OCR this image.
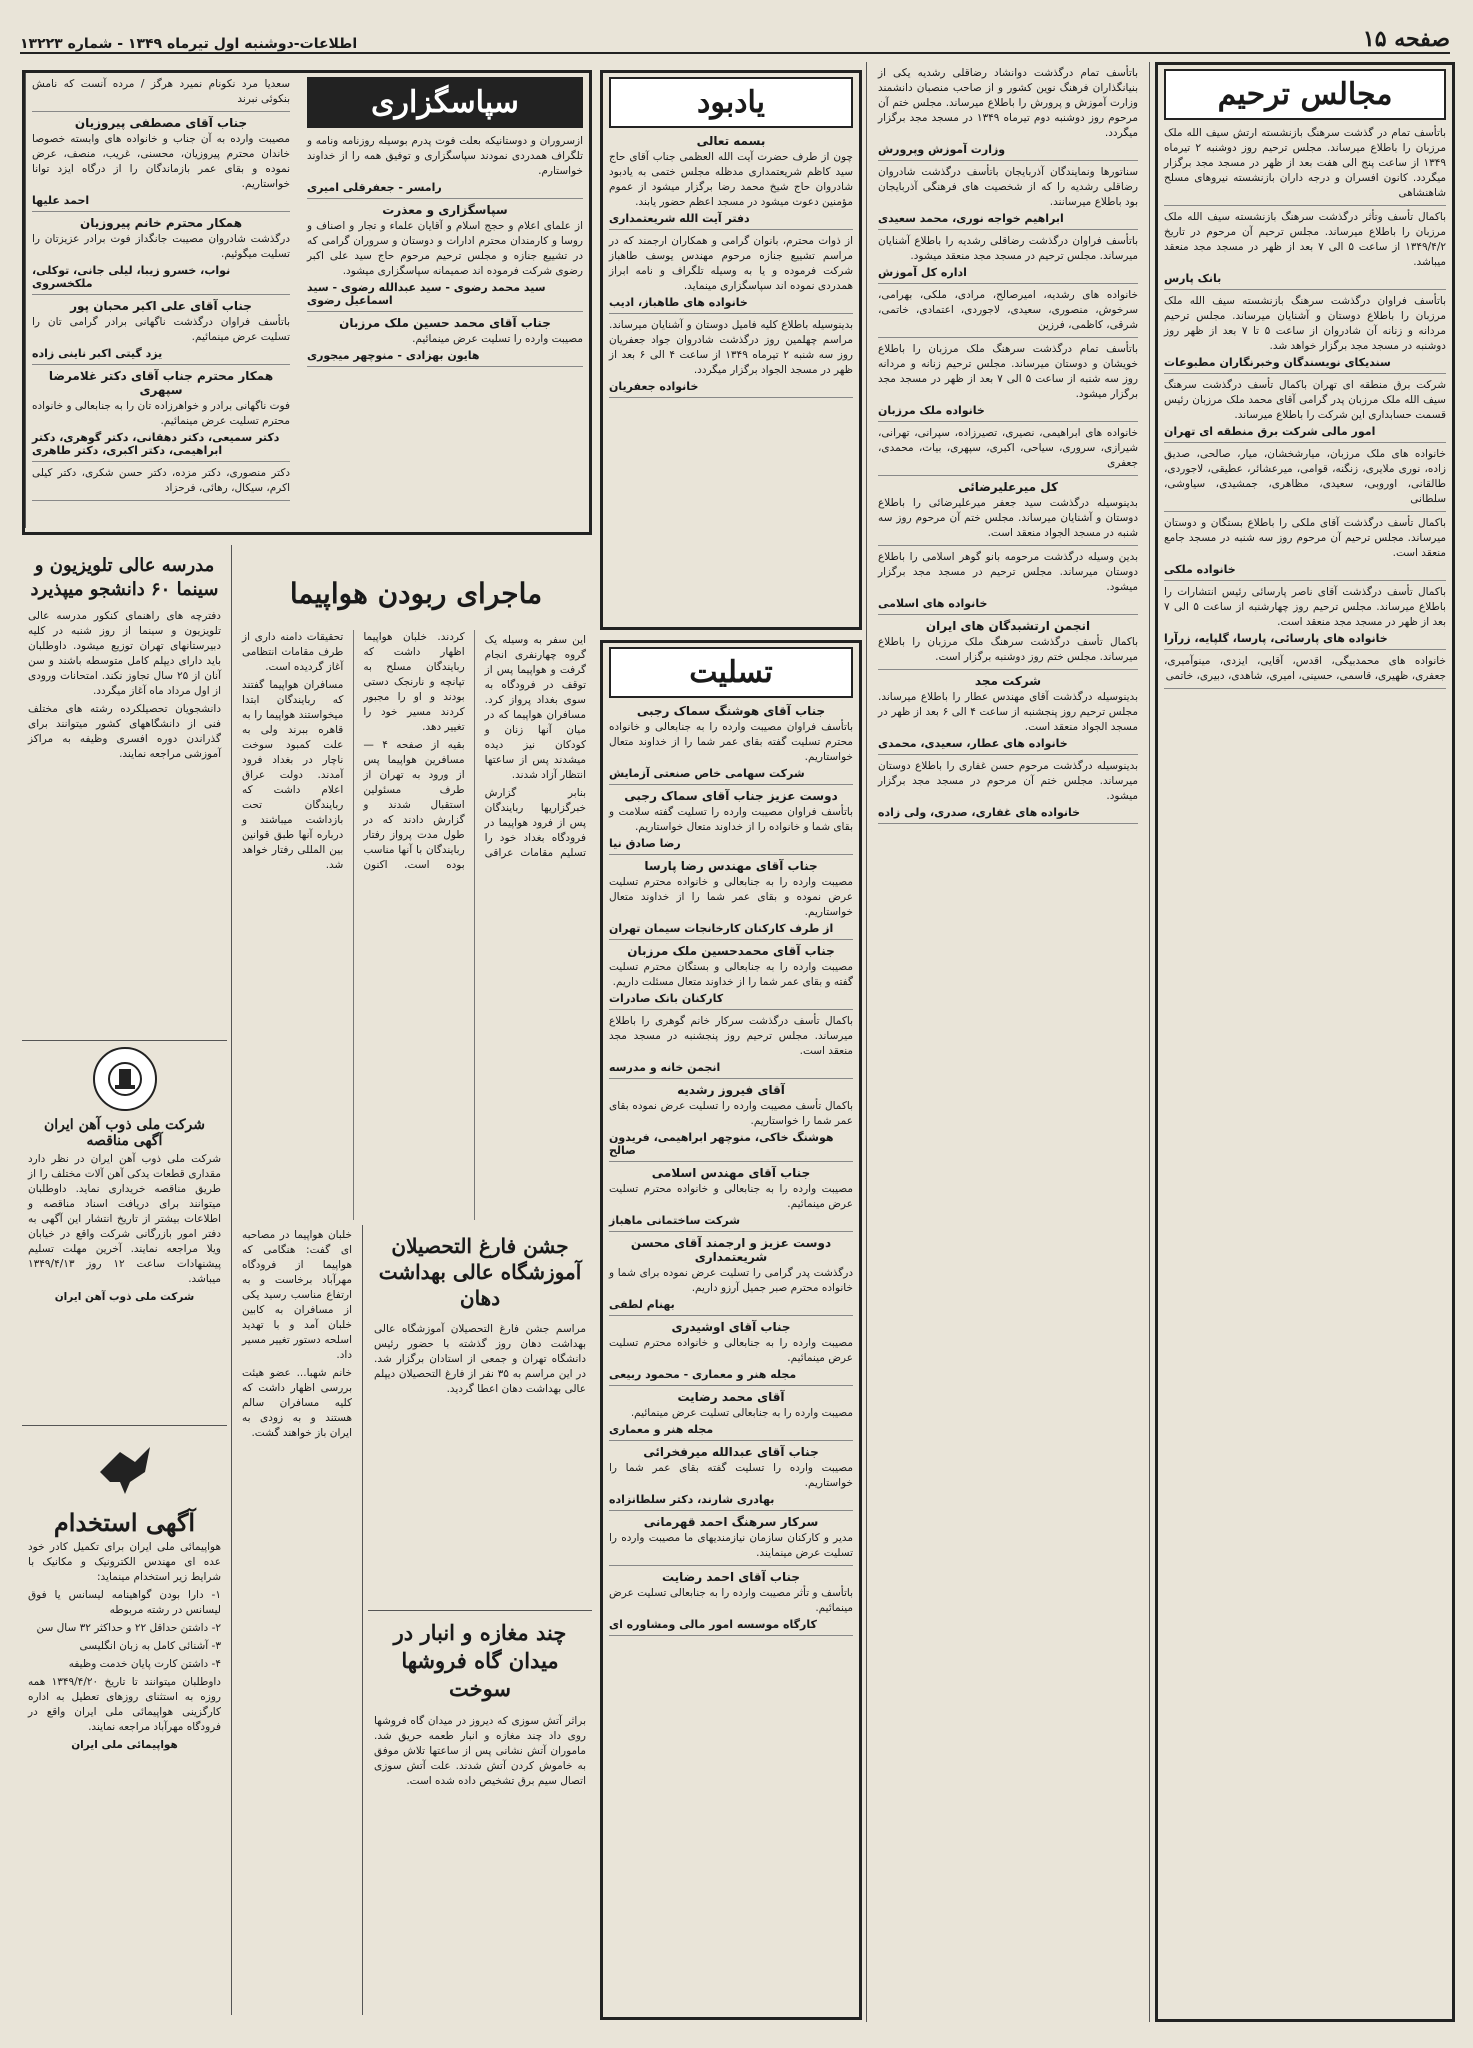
صفحه ۱۵
اطلاعات-دوشنبه اول تیرماه ۱۳۴۹ - شماره ۱۳۲۲۳
مجالس ترحیم
باتأسف تمام در گذشت سرهنگ بازنشسته ارتش سیف الله ملک مرزبان را باطلاع میرساند. مجلس ترحیم روز دوشنبه ۲ تیرماه ۱۳۴۹ از ساعت پنج الی هفت بعد از ظهر در مسجد مجد برگزار میگردد. کانون افسران و درجه داران بازنشسته نیروهای مسلح شاهنشاهی
باکمال تأسف وتأثر درگذشت سرهنگ بازنشسته سیف الله ملک مرزبان را باطلاع میرساند. مجلس ترحیم آن مرحوم در تاریخ ۱۳۴۹/۴/۲ از ساعت ۵ الی ۷ بعد از ظهر در مسجد مجد منعقد میباشد.
بانک پارس
باتأسف فراوان درگذشت سرهنگ بازنشسته سیف الله ملک مرزبان را باطلاع دوستان و آشنایان میرساند. مجلس ترحیم مردانه و زنانه آن شادروان از ساعت ۵ تا ۷ بعد از ظهر روز دوشنبه در مسجد مجد برگزار خواهد شد.
سندیکای نویسندگان وخبرنگاران مطبوعات
شرکت برق منطقه ای تهران باکمال تأسف درگذشت سرهنگ سیف الله ملک مرزبان پدر گرامی آقای محمد ملک مرزبان رئیس قسمت حسابداری این شرکت را باطلاع میرساند.
امور مالی شرکت برق منطقه ای تهران
خانواده های ملک مرزبان، میارشخشان، میار، صالحی، صدیق زاده، نوری ملایری، زنگنه، قوامی، میرعشائر، عطیقی، لاجوردی، طالقانی، اوروبی، سعیدی، مظاهری، جمشیدی، سیاوشی، سلطانی
باکمال تأسف درگذشت آقای ملکی را باطلاع بستگان و دوستان میرساند. مجلس ترحیم آن مرحوم روز سه شنبه در مسجد جامع منعقد است.
خانواده ملکی
باکمال تأسف درگذشت آقای ناصر پارسائی رئیس انتشارات را باطلاع میرساند. مجلس ترحیم روز چهارشنبه از ساعت ۵ الی ۷ بعد از ظهر در مسجد مجد منعقد است.
خانواده های پارسائی، پارسا، گلپایه، زرآرا
خانواده های محمدبیگی، اقدس، آقایی، ایزدی، مینوآمیری، جعفری، ظهیری، قاسمی، حسینی، امیری، شاهدی، دبیری، خاتمی
باتأسف تمام درگذشت دوانشاد رضاقلی رشدیه یکی از بنیانگذاران فرهنگ نوین کشور و از صاحب منصبان دانشمند وزارت آموزش و پرورش را باطلاع میرساند. مجلس ختم آن مرحوم روز دوشنبه دوم تیرماه ۱۳۴۹ در مسجد مجد برگزار میگردد.
وزارت آموزش وپرورش
سناتورها ونمایندگان آذربایجان باتأسف درگذشت شادروان رضاقلی رشدیه را که از شخصیت های فرهنگی آذربایجان بود باطلاع میرسانند.
ابراهیم خواجه نوری، محمد سعیدی
باتأسف فراوان درگذشت رضاقلی رشدیه را باطلاع آشنایان میرساند. مجلس ترحیم در مسجد مجد منعقد میشود.
اداره کل آموزش
خانواده های رشدیه، امیرصالح، مرادی، ملکی، بهرامی، سرخوش، منصوری، سعیدی، لاجوردی، اعتمادی، خاتمی، شرقی، کاظمی، فرزین
باتأسف تمام درگذشت سرهنگ ملک مرزبان را باطلاع خویشان و دوستان میرساند. مجلس ترحیم زنانه و مردانه روز سه شنبه از ساعت ۵ الی ۷ بعد از ظهر در مسجد مجد برگزار میشود.
خانواده ملک مرزبان
خانواده های ابراهیمی، نصیری، تصیرزاده، سپرانی، تهرانی، شیرازی، سروری، سیاحی، اکبری، سپهری، بیات، محمدی، جعفری
کل میرعلیرضائی
بدینوسیله درگذشت سید جعفر میرعلیرضائی را باطلاع دوستان و آشنایان میرساند. مجلس ختم آن مرحوم روز سه شنبه در مسجد الجواد منعقد است.
بدین وسیله درگذشت مرحومه بانو گوهر اسلامی را باطلاع دوستان میرساند. مجلس ترحیم در مسجد مجد برگزار میشود.
خانواده های اسلامی
انجمن ارتشبدگان های ایران
باکمال تأسف درگذشت سرهنگ ملک مرزبان را باطلاع میرساند. مجلس ختم روز دوشنبه برگزار است.
شرکت مجد
بدینوسیله درگذشت آقای مهندس عطار را باطلاع میرساند. مجلس ترحیم روز پنجشنبه از ساعت ۴ الی ۶ بعد از ظهر در مسجد الجواد منعقد است.
خانواده های عطار، سعیدی، محمدی
بدینوسیله درگذشت مرحوم حسن غفاری را باطلاع دوستان میرساند. مجلس ختم آن مرحوم در مسجد مجد برگزار میشود.
خانواده های غفاری، صدری، ولی زاده
یادبود
بسمه تعالی
چون از طرف حضرت آیت الله العظمی جناب آقای حاج سید کاظم شریعتمداری مدظله مجلس ختمی به یادبود شادروان حاج شیخ محمد رضا برگزار میشود از عموم مؤمنین دعوت میشود در مسجد اعظم حضور یابند.
دفتر آیت الله شریعتمداری
از ذوات محترم، بانوان گرامی و همکاران ارجمند که در مراسم تشییع جنازه مرحوم مهندس یوسف طاهباز شرکت فرموده و یا به وسیله تلگراف و نامه ابراز همدردی نموده اند سپاسگزاری مینماید.
خانواده های طاهباز، ادیب
بدینوسیله باطلاع کلیه فامیل دوستان و آشنایان میرساند. مراسم چهلمین روز درگذشت شادروان جواد جعفریان روز سه شنبه ۲ تیرماه ۱۳۴۹ از ساعت ۴ الی ۶ بعد از ظهر در مسجد الجواد برگزار میگردد.
خانواده جعفریان
تسلیت
جناب آقای هوشنگ سماک رجبی
باتأسف فراوان مصیبت وارده را به جنابعالی و خانواده محترم تسلیت گفته بقای عمر شما را از خداوند متعال خواستاریم.
شرکت سهامی خاص صنعتی آزمایش
دوست عزیز جناب آقای سماک رجبی
باتأسف فراوان مصیبت وارده را تسلیت گفته سلامت و بقای شما و خانواده را از خداوند متعال خواستاریم.
رضا صادق نیا
جناب آقای مهندس رضا پارسا
مصیبت وارده را به جنابعالی و خانواده محترم تسلیت عرض نموده و بقای عمر شما را از خداوند متعال خواستاریم.
از طرف کارکنان کارخانجات سیمان تهران
جناب آقای محمدحسین ملک مرزبان
مصیبت وارده را به جنابعالی و بستگان محترم تسلیت گفته و بقای عمر شما را از خداوند متعال مسئلت داریم.
کارکنان بانک صادرات
باکمال تأسف درگذشت سرکار خانم گوهری را باطلاع میرساند. مجلس ترحیم روز پنجشنبه در مسجد مجد منعقد است.
انجمن خانه و مدرسه
آقای فیروز رشدیه
باکمال تأسف مصیبت وارده را تسلیت عرض نموده بقای عمر شما را خواستاریم.
هوشنگ خاکی، منوچهر ابراهیمی، فریدون صالح
جناب آقای مهندس اسلامی
مصیبت وارده را به جنابعالی و خانواده محترم تسلیت عرض مینمائیم.
شرکت ساختمانی ماهباز
دوست عزیز و ارجمند آقای محسن شریعتمداری
درگذشت پدر گرامی را تسلیت عرض نموده برای شما و خانواده محترم صبر جمیل آرزو داریم.
بهنام لطفی
جناب آقای اوشیدری
مصیبت وارده را به جنابعالی و خانواده محترم تسلیت عرض مینمائیم.
مجله هنر و معماری - محمود ربیعی
آقای محمد رضایت
مصیبت وارده را به جنابعالی تسلیت عرض مینمائیم.
مجله هنر و معماری
جناب آقای عبدالله میرفخرائی
مصیبت وارده را تسلیت گفته بقای عمر شما را خواستاریم.
بهادری شارند، دکتر سلطانزاده
سرکار سرهنگ احمد قهرمانی
مدیر و کارکنان سازمان نیازمندیهای ما مصیبت وارده را تسلیت عرض مینمایند.
جناب آقای احمد رضایت
باتأسف و تأثر مصیبت وارده را به جنابعالی تسلیت عرض مینمائیم.
کارگاه موسسه امور مالی ومشاوره ای
سعدیا مرد نکونام نمیرد هرگز / مرده آنست که نامش بنکوئی نبرند
جناب آقای مصطفی پیروزیان
مصیبت وارده به آن جناب و خانواده های وابسته خصوصا خاندان محترم پیروزیان، محسنی، غریب، منصف، عرض نموده و بقای عمر بازماندگان را از درگاه ایزد توانا خواستاریم.
احمد علیها
همکار محترم خانم پیروزیان
درگذشت شادروان مصیبت جانگداز فوت برادر عزیزتان را تسلیت میگوئیم.
نواب، خسرو زیبا، لیلی جانی، توکلی، ملکخسروی
جناب آقای علی اکبر محبان پور
باتأسف فراوان درگذشت ناگهانی برادر گرامی تان را تسلیت عرض مینمائیم.
یزد گیتی اکبر ناینی زاده
همکار محترم جناب آقای دکتر غلامرضا سپهری
فوت ناگهانی برادر و خواهرزاده تان را به جنابعالی و خانواده محترم تسلیت عرض مینمائیم.
دکتر سمیعی، دکتر دهقانی، دکتر گوهری، دکتر ابراهیمی، دکتر اکبری، دکتر طاهری
دکتر منصوری، دکتر مزده، دکتر حسن شکری، دکتر کیلی اکرم، سیکال، رهائی، فرحزاد
سپاسگزاری
ازسروران و دوستانیکه بعلت فوت پدرم بوسیله روزنامه ونامه و تلگراف همدردی نمودند سپاسگزاری و توفیق همه را از خداوند خواستارم.
رامسر - جعفرقلی امیری
سپاسگزاری و معذرت
از علمای اعلام و حجج اسلام و آقایان علماء و تجار و اصناف و روسا و کارمندان محترم ادارات و دوستان و سروران گرامی که در تشییع جنازه و مجلس ترحیم مرحوم حاج سید علی اکبر رضوی شرکت فرموده اند صمیمانه سپاسگزاری میشود.
سید محمد رضوی - سید عبدالله رضوی - سید اسماعیل رضوی
جناب آقای محمد حسین ملک مرزبان
مصیبت وارده را تسلیت عرض مینمائیم.
هایون بهزادی - منوچهر میجوری
ماجرای ربودن هواپیما
این سفر به وسیله یک گروه چهارنفری انجام گرفت و هواپیما پس از توقف در فرودگاه به سوی بغداد پرواز کرد. مسافران هواپیما که در میان آنها زنان و کودکان نیز دیده میشدند پس از ساعتها انتظار آزاد شدند.
بنابر گزارش خبرگزاریها ربایندگان پس از فرود هواپیما در فرودگاه بغداد خود را تسلیم مقامات عراقی کردند. خلبان هواپیما اظهار داشت که ربایندگان مسلح به تپانچه و نارنجک دستی بودند و او را مجبور کردند مسیر خود را تغییر دهد.
بقیه از صفحه ۴ — مسافرین هواپیما پس از ورود به تهران از طرف مسئولین استقبال شدند و گزارش دادند که در طول مدت پرواز رفتار ربایندگان با آنها مناسب بوده است. اکنون تحقیقات دامنه داری از طرف مقامات انتظامی آغاز گردیده است.
مسافران هواپیما گفتند که ربایندگان ابتدا میخواستند هواپیما را به قاهره ببرند ولی به علت کمبود سوخت ناچار در بغداد فرود آمدند. دولت عراق اعلام داشت که ربایندگان تحت بازداشت میباشند و درباره آنها طبق قوانین بین المللی رفتار خواهد شد.
جشن فارغ التحصیلان آموزشگاه عالی بهداشت دهان
مراسم جشن فارغ التحصیلان آموزشگاه عالی بهداشت دهان روز گذشته با حضور رئیس دانشگاه تهران و جمعی از استادان برگزار شد. در این مراسم به ۳۵ نفر از فارغ التحصیلان دیپلم عالی بهداشت دهان اعطا گردید.
چند مغازه و انبار در میدان گاه فروشها سوخت
براثر آتش سوزی که دیروز در میدان گاه فروشها روی داد چند مغازه و انبار طعمه حریق شد. ماموران آتش نشانی پس از ساعتها تلاش موفق به خاموش کردن آتش شدند. علت آتش سوزی اتصال سیم برق تشخیص داده شده است.
خلبان هواپیما در مصاحبه ای گفت: هنگامی که هواپیما از فرودگاه مهرآباد برخاست و به ارتفاع مناسب رسید یکی از مسافران به کابین خلبان آمد و با تهدید اسلحه دستور تغییر مسیر داد.
خانم شهبا... عضو هیئت بررسی اظهار داشت که کلیه مسافران سالم هستند و به زودی به ایران باز خواهند گشت.
مدرسه عالی تلویزیون و سینما ۶۰ دانشجو میپذیرد
دفترچه های راهنمای کنکور مدرسه عالی تلویزیون و سینما از روز شنبه در کلیه دبیرستانهای تهران توزیع میشود. داوطلبان باید دارای دیپلم کامل متوسطه باشند و سن آنان از ۲۵ سال تجاوز نکند. امتحانات ورودی از اول مرداد ماه آغاز میگردد.
دانشجویان تحصیلکرده رشته های مختلف فنی از دانشگاههای کشور میتوانند برای گذراندن دوره افسری وظیفه به مراکز آموزشی مراجعه نمایند.
شرکت ملی ذوب آهن ایران
آگهی مناقصه
شرکت ملی ذوب آهن ایران در نظر دارد مقداری قطعات یدکی آهن آلات مختلف را از طریق مناقصه خریداری نماید. داوطلبان میتوانند برای دریافت اسناد مناقصه و اطلاعات بیشتر از تاریخ انتشار این آگهی به دفتر امور بازرگانی شرکت واقع در خیابان ویلا مراجعه نمایند. آخرین مهلت تسلیم پیشنهادات ساعت ۱۲ روز ۱۳۴۹/۴/۱۳ میباشد.
شرکت ملی ذوب آهن ایران
آگهی استخدام
هواپیمائی ملی ایران برای تکمیل کادر خود عده ای مهندس الکترونیک و مکانیک با شرایط زیر استخدام مینماید:
۱- دارا بودن گواهینامه لیسانس یا فوق لیسانس در رشته مربوطه
۲- داشتن حداقل ۲۲ و حداکثر ۳۲ سال سن
۳- آشنائی کامل به زبان انگلیسی
۴- داشتن کارت پایان خدمت وظیفه
داوطلبان میتوانند تا تاریخ ۱۳۴۹/۴/۲۰ همه روزه به استثنای روزهای تعطیل به اداره کارگزینی هواپیمائی ملی ایران واقع در فرودگاه مهرآباد مراجعه نمایند.
هواپیمائی ملی ایران
